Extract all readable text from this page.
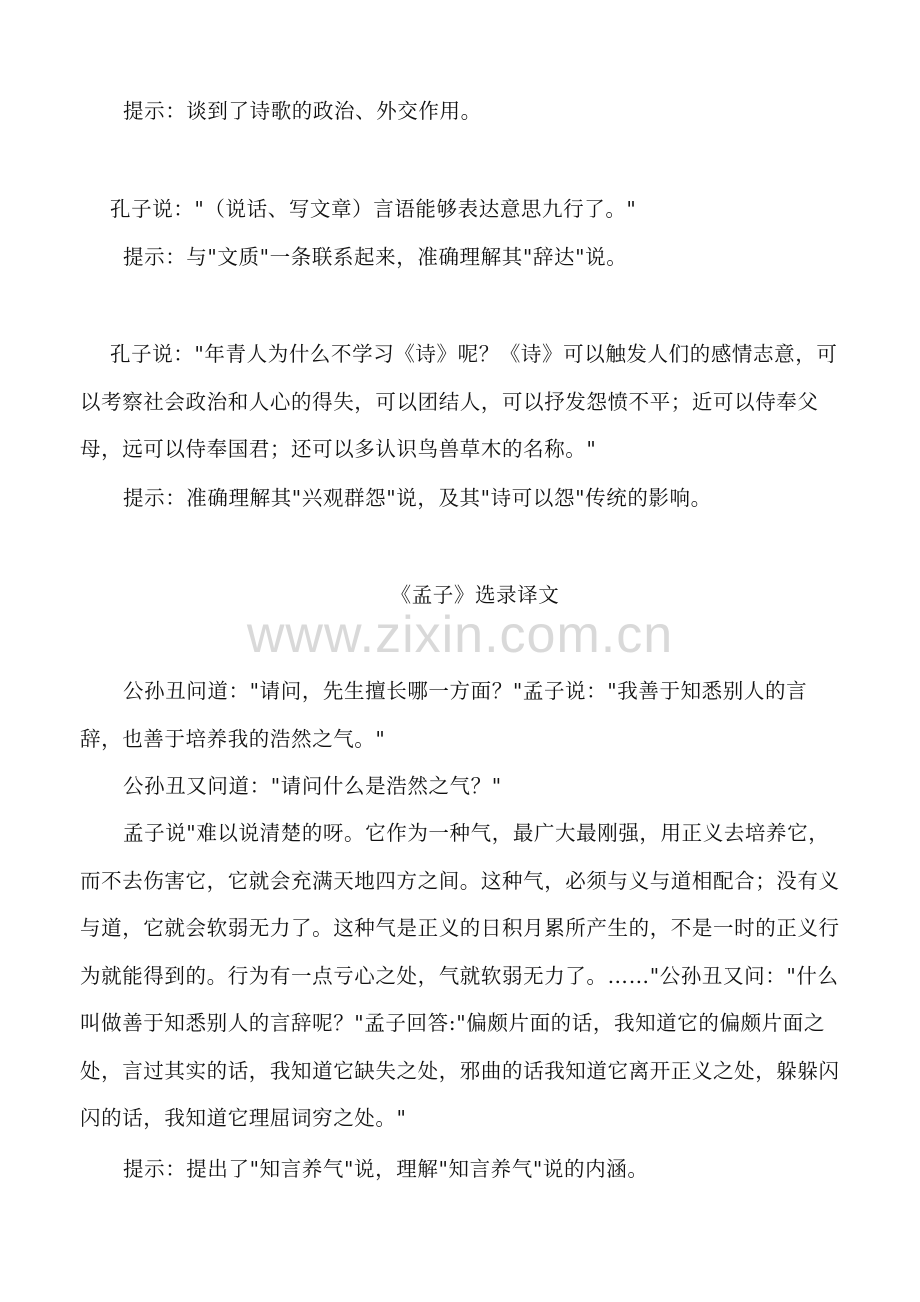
提示：谈到了诗歌的政治、外交作用。

孔子说："（说话、写文章）言语能够表达意思九行了。"

提示：与"文质"一条联系起来，准确理解其"辞达"说。

孔子说："年青人为什么不学习《诗》呢？《诗》可以触发人们的感情志意，可以考察社会政治和人心的得失，可以团结人，可以抒发怨愤不平；近可以侍奉父母，远可以侍奉国君；还可以多认识鸟兽草木的名称。"

提示：准确理解其"兴观群怨"说，及其"诗可以怨"传统的影响。

《孟子》选录译文

www.zixin.com.cn

公孙丑问道："请问，先生擅长哪一方面？"孟子说："我善于知悉别人的言辞，也善于培养我的浩然之气。"

公孙丑又问道："请问什么是浩然之气？"

孟子说"难以说清楚的呀。它作为一种气，最广大最刚强，用正义去培养它，而不去伤害它，它就会充满天地四方之间。这种气，必须与义与道相配合；没有义与道，它就会软弱无力了。这种气是正义的日积月累所产生的，不是一时的正义行为就能得到的。行为有一点亏心之处，气就软弱无力了。……"公孙丑又问："什么叫做善于知悉别人的言辞呢？"孟子回答:"偏颇片面的话，我知道它的偏颇片面之处，言过其实的话，我知道它缺失之处，邪曲的话我知道它离开正义之处，躲躲闪闪的话，我知道它理屈词穷之处。"

提示：提出了"知言养气"说，理解"知言养气"说的内涵。
